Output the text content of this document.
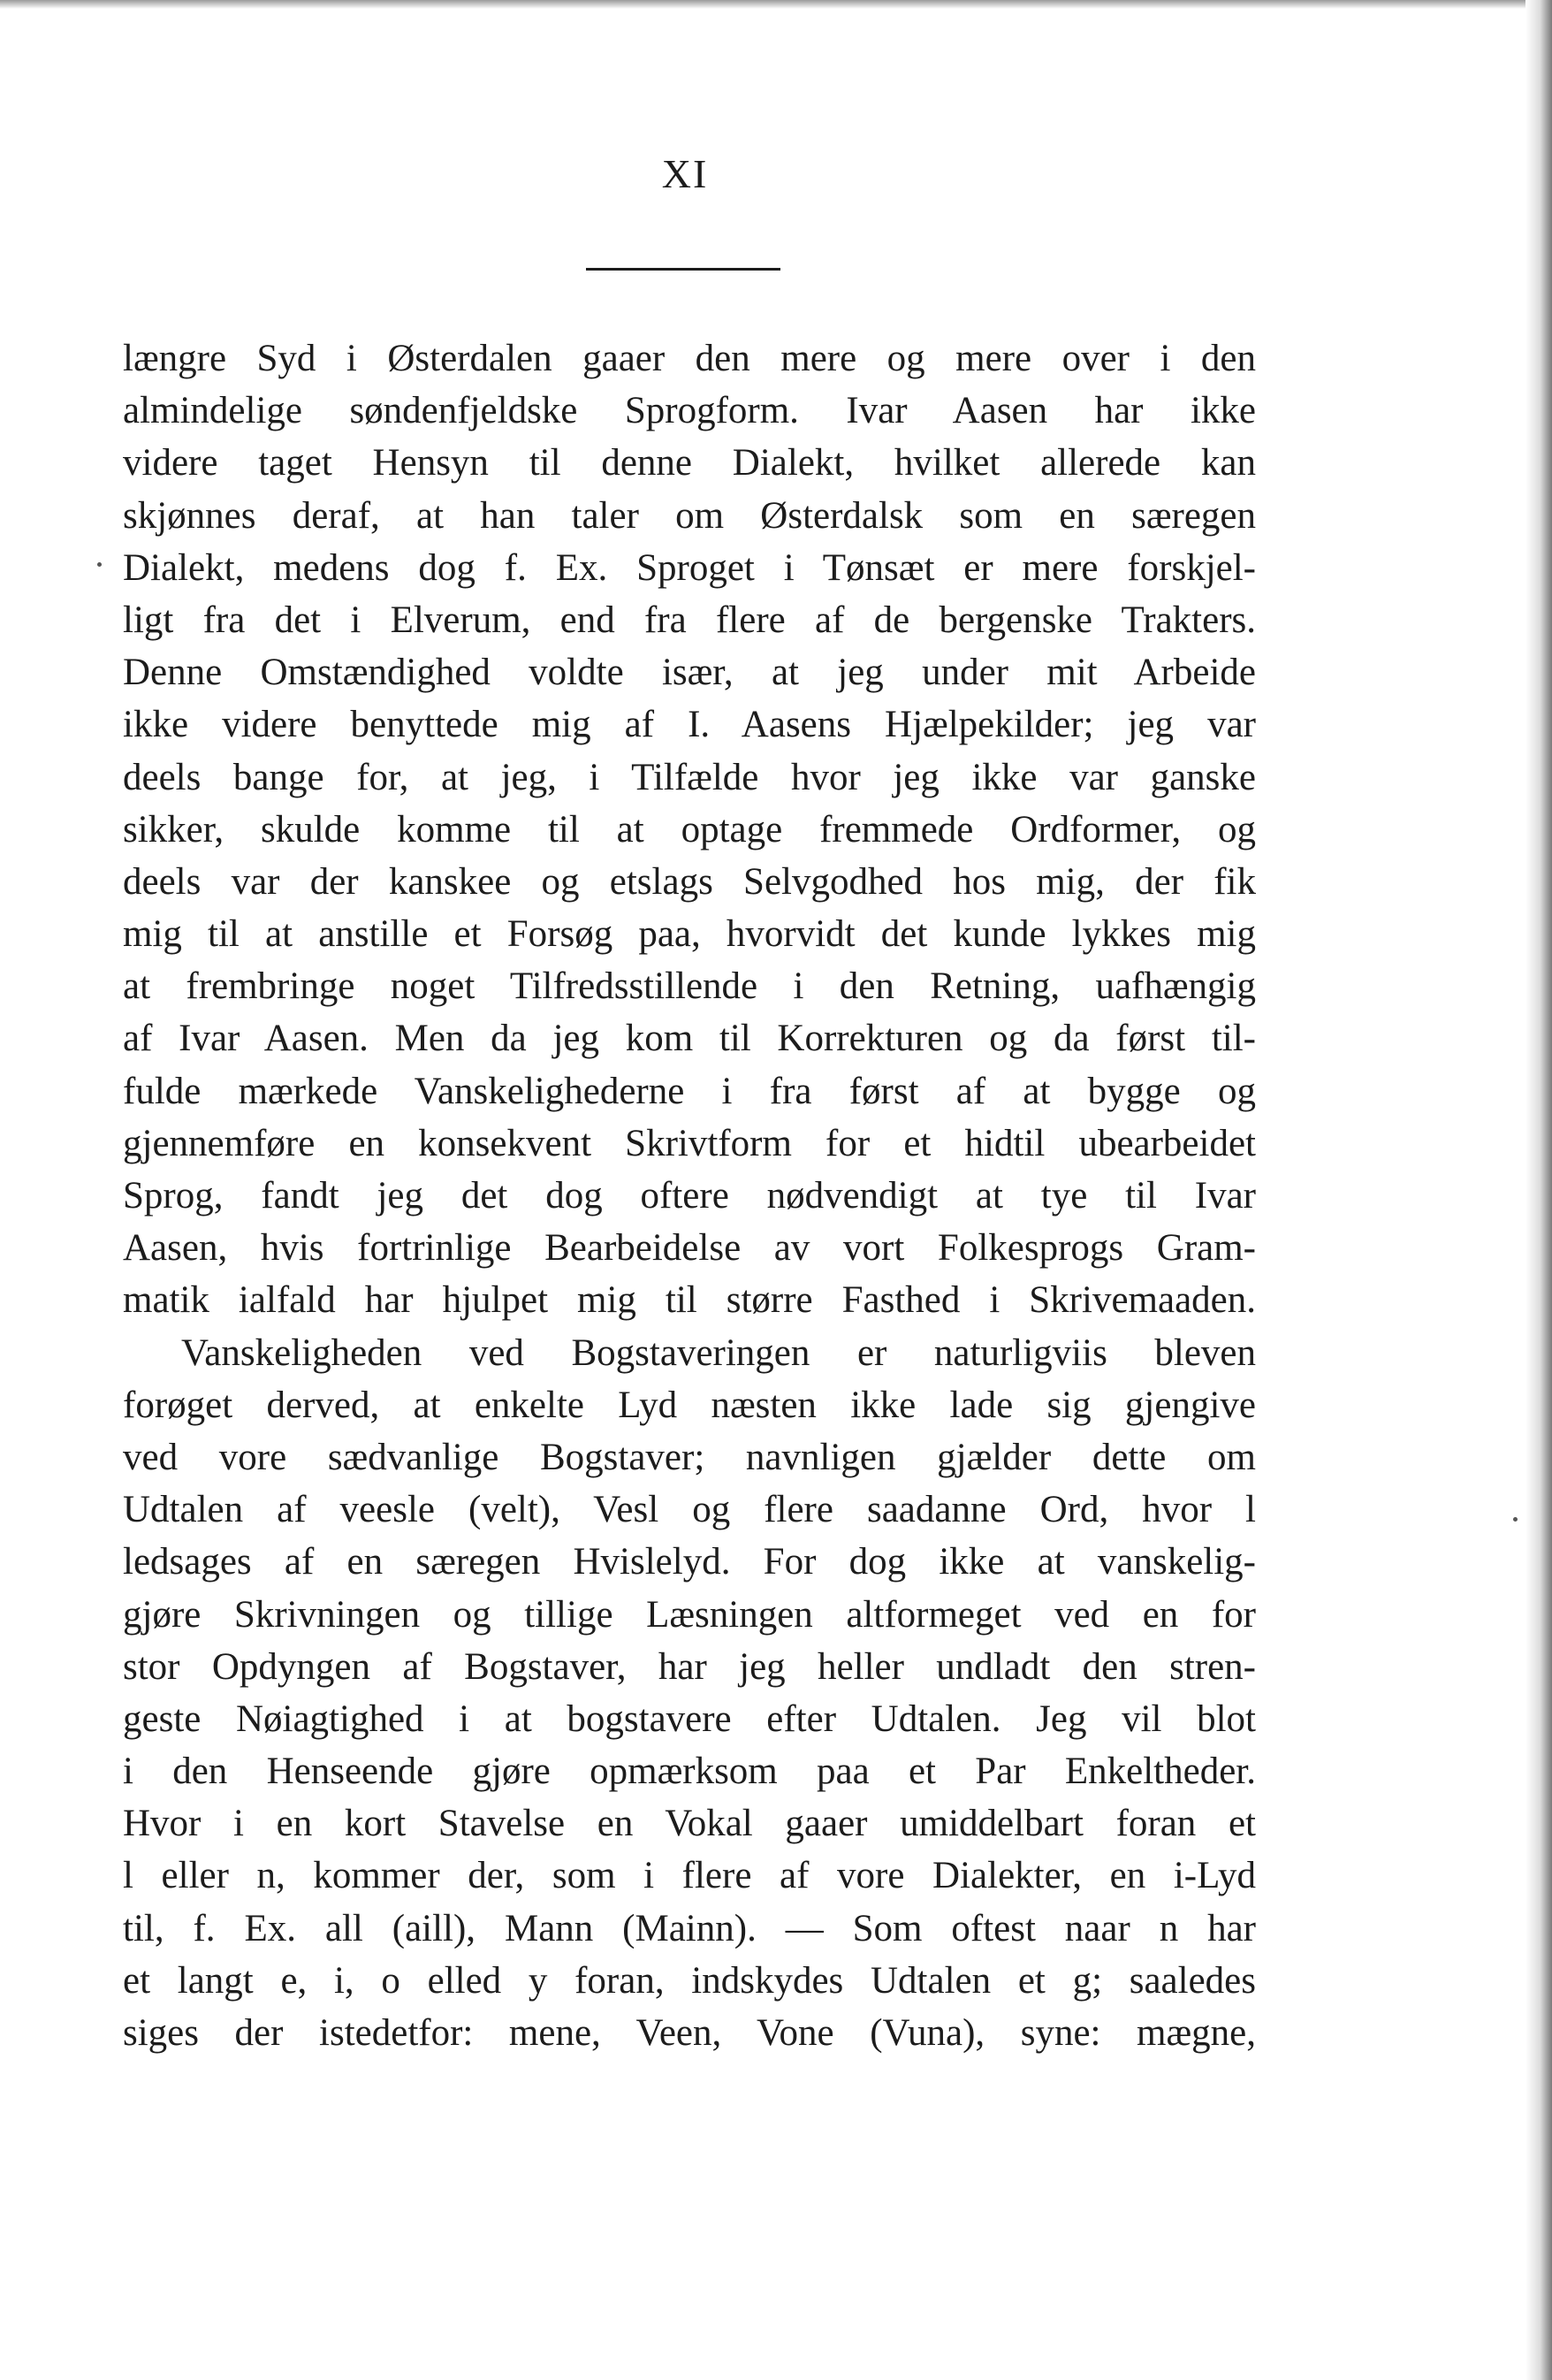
XI
længre Syd i Østerdalen gaaer den mere og mere over i den
almindelige søndenfjeldske Sprogform. Ivar Aasen har ikke
videre taget Hensyn til denne Dialekt, hvilket allerede kan
skjønnes deraf, at han taler om Østerdalsk som en særegen
Dialekt, medens dog f. Ex. Sproget i Tønsæt er mere forskjel-
ligt fra det i Elverum, end fra flere af de bergenske Trakters.
Denne Omstændighed voldte især, at jeg under mit Arbeide
ikke videre benyttede mig af I. Aasens Hjælpekilder; jeg var
deels bange for, at jeg, i Tilfælde hvor jeg ikke var ganske
sikker, skulde komme til at optage fremmede Ordformer, og
deels var der kanskee og etslags Selvgodhed hos mig, der fik
mig til at anstille et Forsøg paa, hvorvidt det kunde lykkes mig
at frembringe noget Tilfredsstillende i den Retning, uafhængig
af Ivar Aasen. Men da jeg kom til Korrekturen og da først til-
fulde mærkede Vanskelighederne i fra først af at bygge og
gjennemføre en konsekvent Skrivtform for et hidtil ubearbeidet
Sprog, fandt jeg det dog oftere nødvendigt at tye til Ivar
Aasen, hvis fortrinlige Bearbeidelse av vort Folkesprogs Gram-
matik ialfald har hjulpet mig til større Fasthed i Skrivemaaden.
Vanskeligheden ved Bogstaveringen er naturligviis bleven
forøget derved, at enkelte Lyd næsten ikke lade sig gjengive
ved vore sædvanlige Bogstaver; navnligen gjælder dette om
Udtalen af veesle (velt), Vesl og flere saadanne Ord, hvor l
ledsages af en særegen Hvislelyd. For dog ikke at vanskelig-
gjøre Skrivningen og tillige Læsningen altformeget ved en for
stor Opdyngen af Bogstaver, har jeg heller undladt den stren-
geste Nøiagtighed i at bogstavere efter Udtalen. Jeg vil blot
i den Henseende gjøre opmærksom paa et Par Enkeltheder.
Hvor i en kort Stavelse en Vokal gaaer umiddelbart foran et
l eller n, kommer der, som i flere af vore Dialekter, en i-Lyd
til, f. Ex. all (aill), Mann (Mainn). — Som oftest naar n har
et langt e, i, o elled y foran, indskydes Udtalen et g; saaledes
siges der istedetfor: mene, Veen, Vone (Vuna), syne: mægne,
